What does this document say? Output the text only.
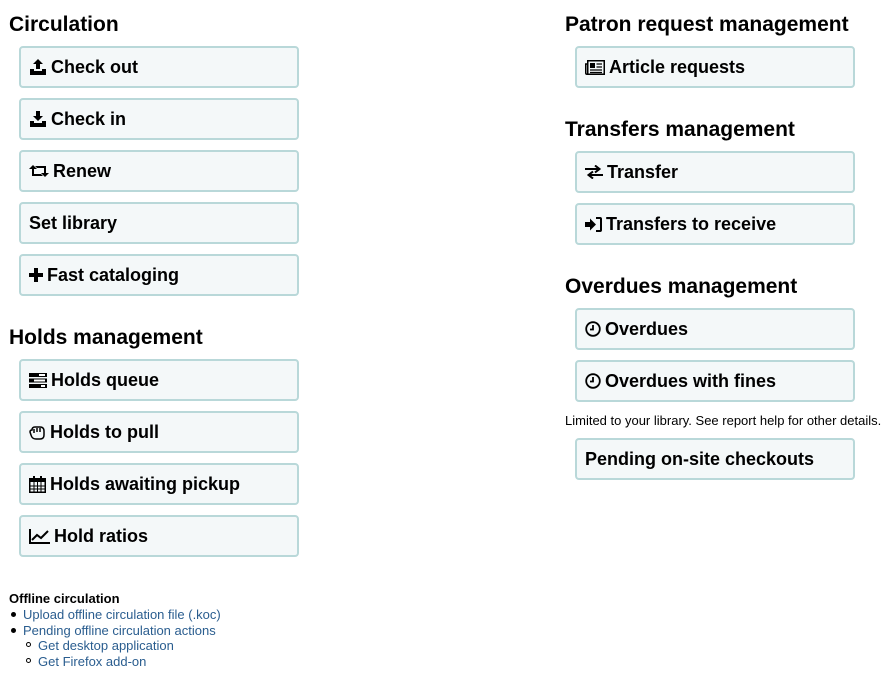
Circulation
Check out
Check in
Renew
Set library
Fast cataloging
Holds management
Holds queue
Holds to pull
Holds awaiting pickup
Hold ratios
Patron request management
Article requests
Transfers management
Transfer
Transfers to receive
Overdues management
Overdues
Overdues with fines
Limited to your library. See report help for other details.
Pending on-site checkouts
Offline circulation
Upload offline circulation file (.koc)
Pending offline circulation actions
Get desktop application
Get Firefox add-on
